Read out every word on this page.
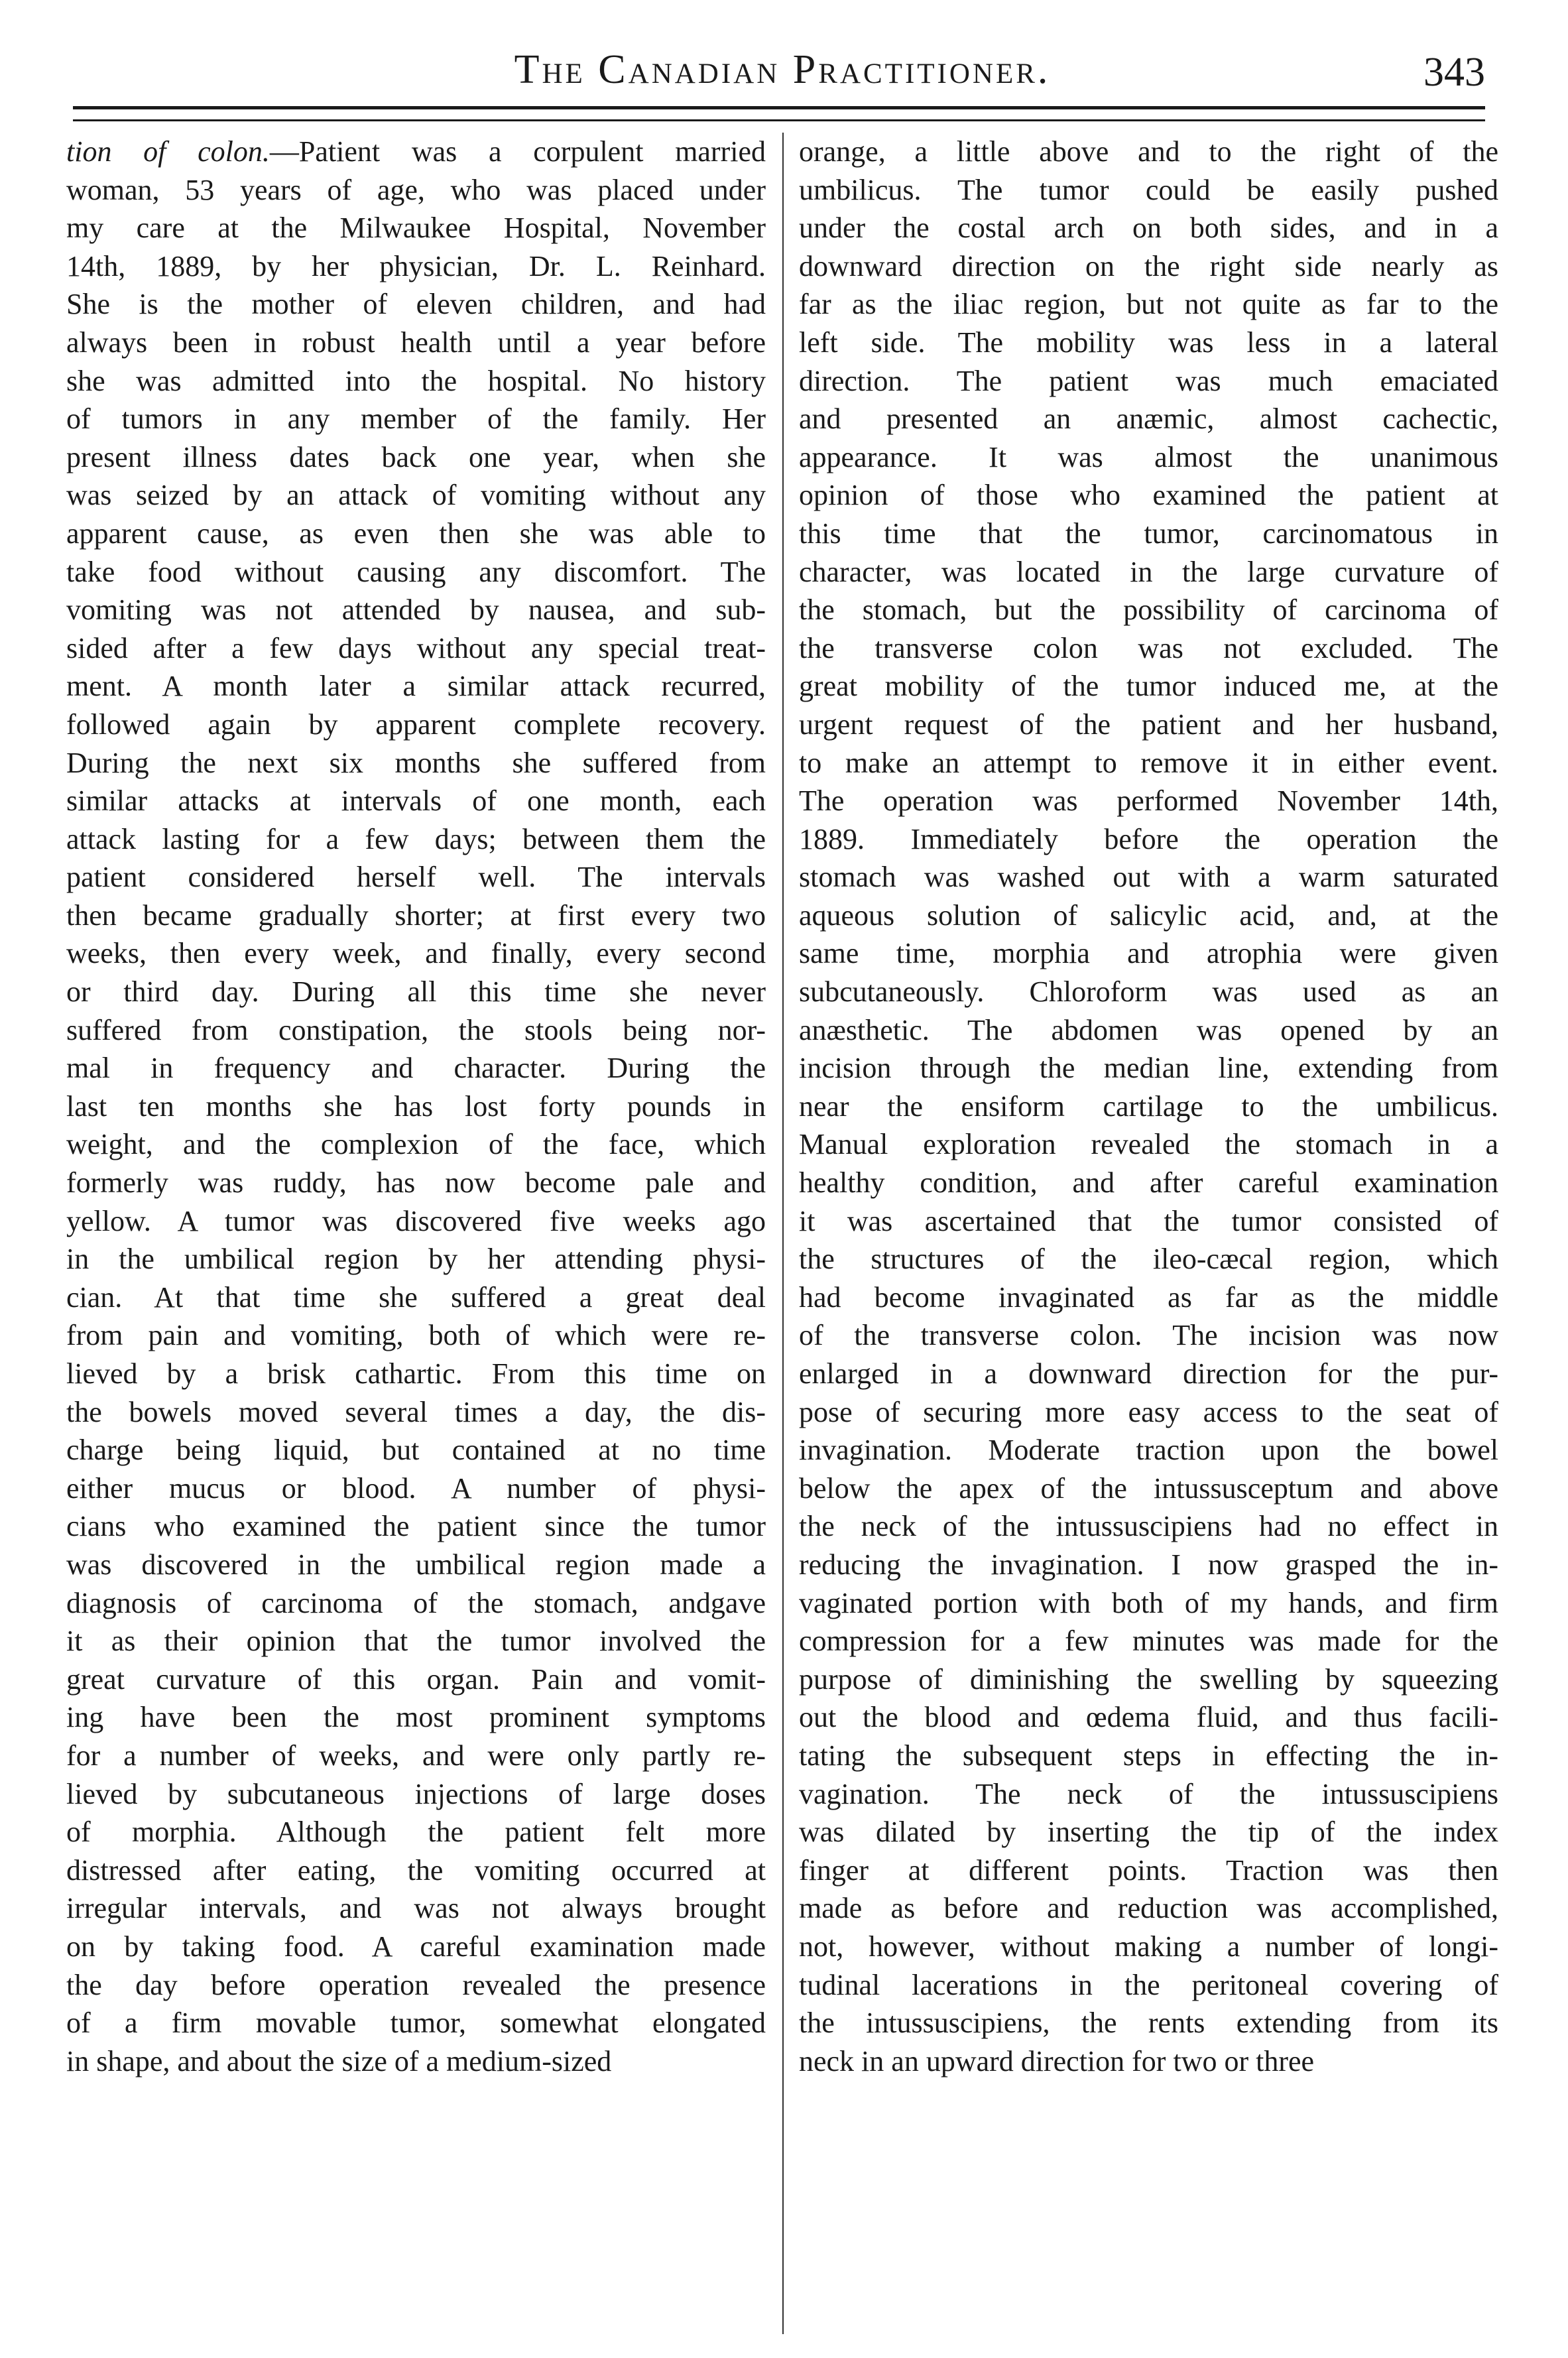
The Canadian Practitioner.	343
tion of colon.—Patient was a corpulent married
woman, 53 years of age, who was placed under
my care at the Milwaukee Hospital, November
14th, 1889, by her physician, Dr. L. Reinhard.
She is the mother of eleven children, and had
always been in robust health until a year before
she was admitted into the hospital. No history
of tumors in any member of the family. Her
present illness dates back one year, when she
was seized by an attack of vomiting without any
apparent cause, as even then she was able to
take food without causing any discomfort. The
vomiting was not attended by nausea, and sub-
sided after a few days without any special treat-
ment. A month later a similar attack recurred,
followed again by apparent complete recovery.
During the next six months she suffered from
similar attacks at intervals of one month, each
attack lasting for a few days; between them the
patient considered herself well. The intervals
then became gradually shorter; at first every two
weeks, then every week, and finally, every second
or third day. During all this time she never
suffered from constipation, the stools being nor-
mal in frequency and character. During the
last ten months she has lost forty pounds in
weight, and the complexion of the face, which
formerly was ruddy, has now become pale and
yellow. A tumor was discovered five weeks ago
in the umbilical region by her attending physi-
cian. At that time she suffered a great deal
from pain and vomiting, both of which were re-
lieved by a brisk cathartic. From this time on
the bowels moved several times a day, the dis-
charge being liquid, but contained at no time
either mucus or blood. A number of physi-
cians who examined the patient since the tumor
was discovered in the umbilical region made a
diagnosis of carcinoma of the stomach, andgave
it as their opinion that the tumor involved the
great curvature of this organ. Pain and vomit-
ing have been the most prominent symptoms
for a number of weeks, and were only partly re-
lieved by subcutaneous injections of large doses
of morphia. Although the patient felt more
distressed after eating, the vomiting occurred at
irregular intervals, and was not always brought
on by taking food. A careful examination made
the day before operation revealed the presence
of a firm movable tumor, somewhat elongated
in shape, and about the size of a medium-sized
orange, a little above and to the right of the
umbilicus. The tumor could be easily pushed
under the costal arch on both sides, and in a
downward direction on the right side nearly as
far as the iliac region, but not quite as far to the
left side. The mobility was less in a lateral
direction. The patient was much emaciated
and presented an anæmic, almost cachectic,
appearance. It was almost the unanimous
opinion of those who examined the patient at
this time that the tumor, carcinomatous in
character, was located in the large curvature of
the stomach, but the possibility of carcinoma of
the transverse colon was not excluded. The
great mobility of the tumor induced me, at the
urgent request of the patient and her husband,
to make an attempt to remove it in either event.
The operation was performed November 14th,
1889. Immediately before the operation the
stomach was washed out with a warm saturated
aqueous solution of salicylic acid, and, at the
same time, morphia and atrophia were given
subcutaneously. Chloroform was used as an
anæsthetic. The abdomen was opened by an
incision through the median line, extending from
near the ensiform cartilage to the umbilicus.
Manual exploration revealed the stomach in a
healthy condition, and after careful examination
it was ascertained that the tumor consisted of
the structures of the ileo-cæcal region, which
had become invaginated as far as the middle
of the transverse colon. The incision was now
enlarged in a downward direction for the pur-
pose of securing more easy access to the seat of
invagination. Moderate traction upon the bowel
below the apex of the intussusceptum and above
the neck of the intussuscipiens had no effect in
reducing the invagination. I now grasped the in-
vaginated portion with both of my hands, and firm
compression for a few minutes was made for the
purpose of diminishing the swelling by squeezing
out the blood and œdema fluid, and thus facili-
tating the subsequent steps in effecting the in-
vagination. The neck of the intussuscipiens
was dilated by inserting the tip of the index
finger at different points. Traction was then
made as before and reduction was accomplished,
not, however, without making a number of longi-
tudinal lacerations in the peritoneal covering of
the intussuscipiens, the rents extending from its
neck in an upward direction for two or three
